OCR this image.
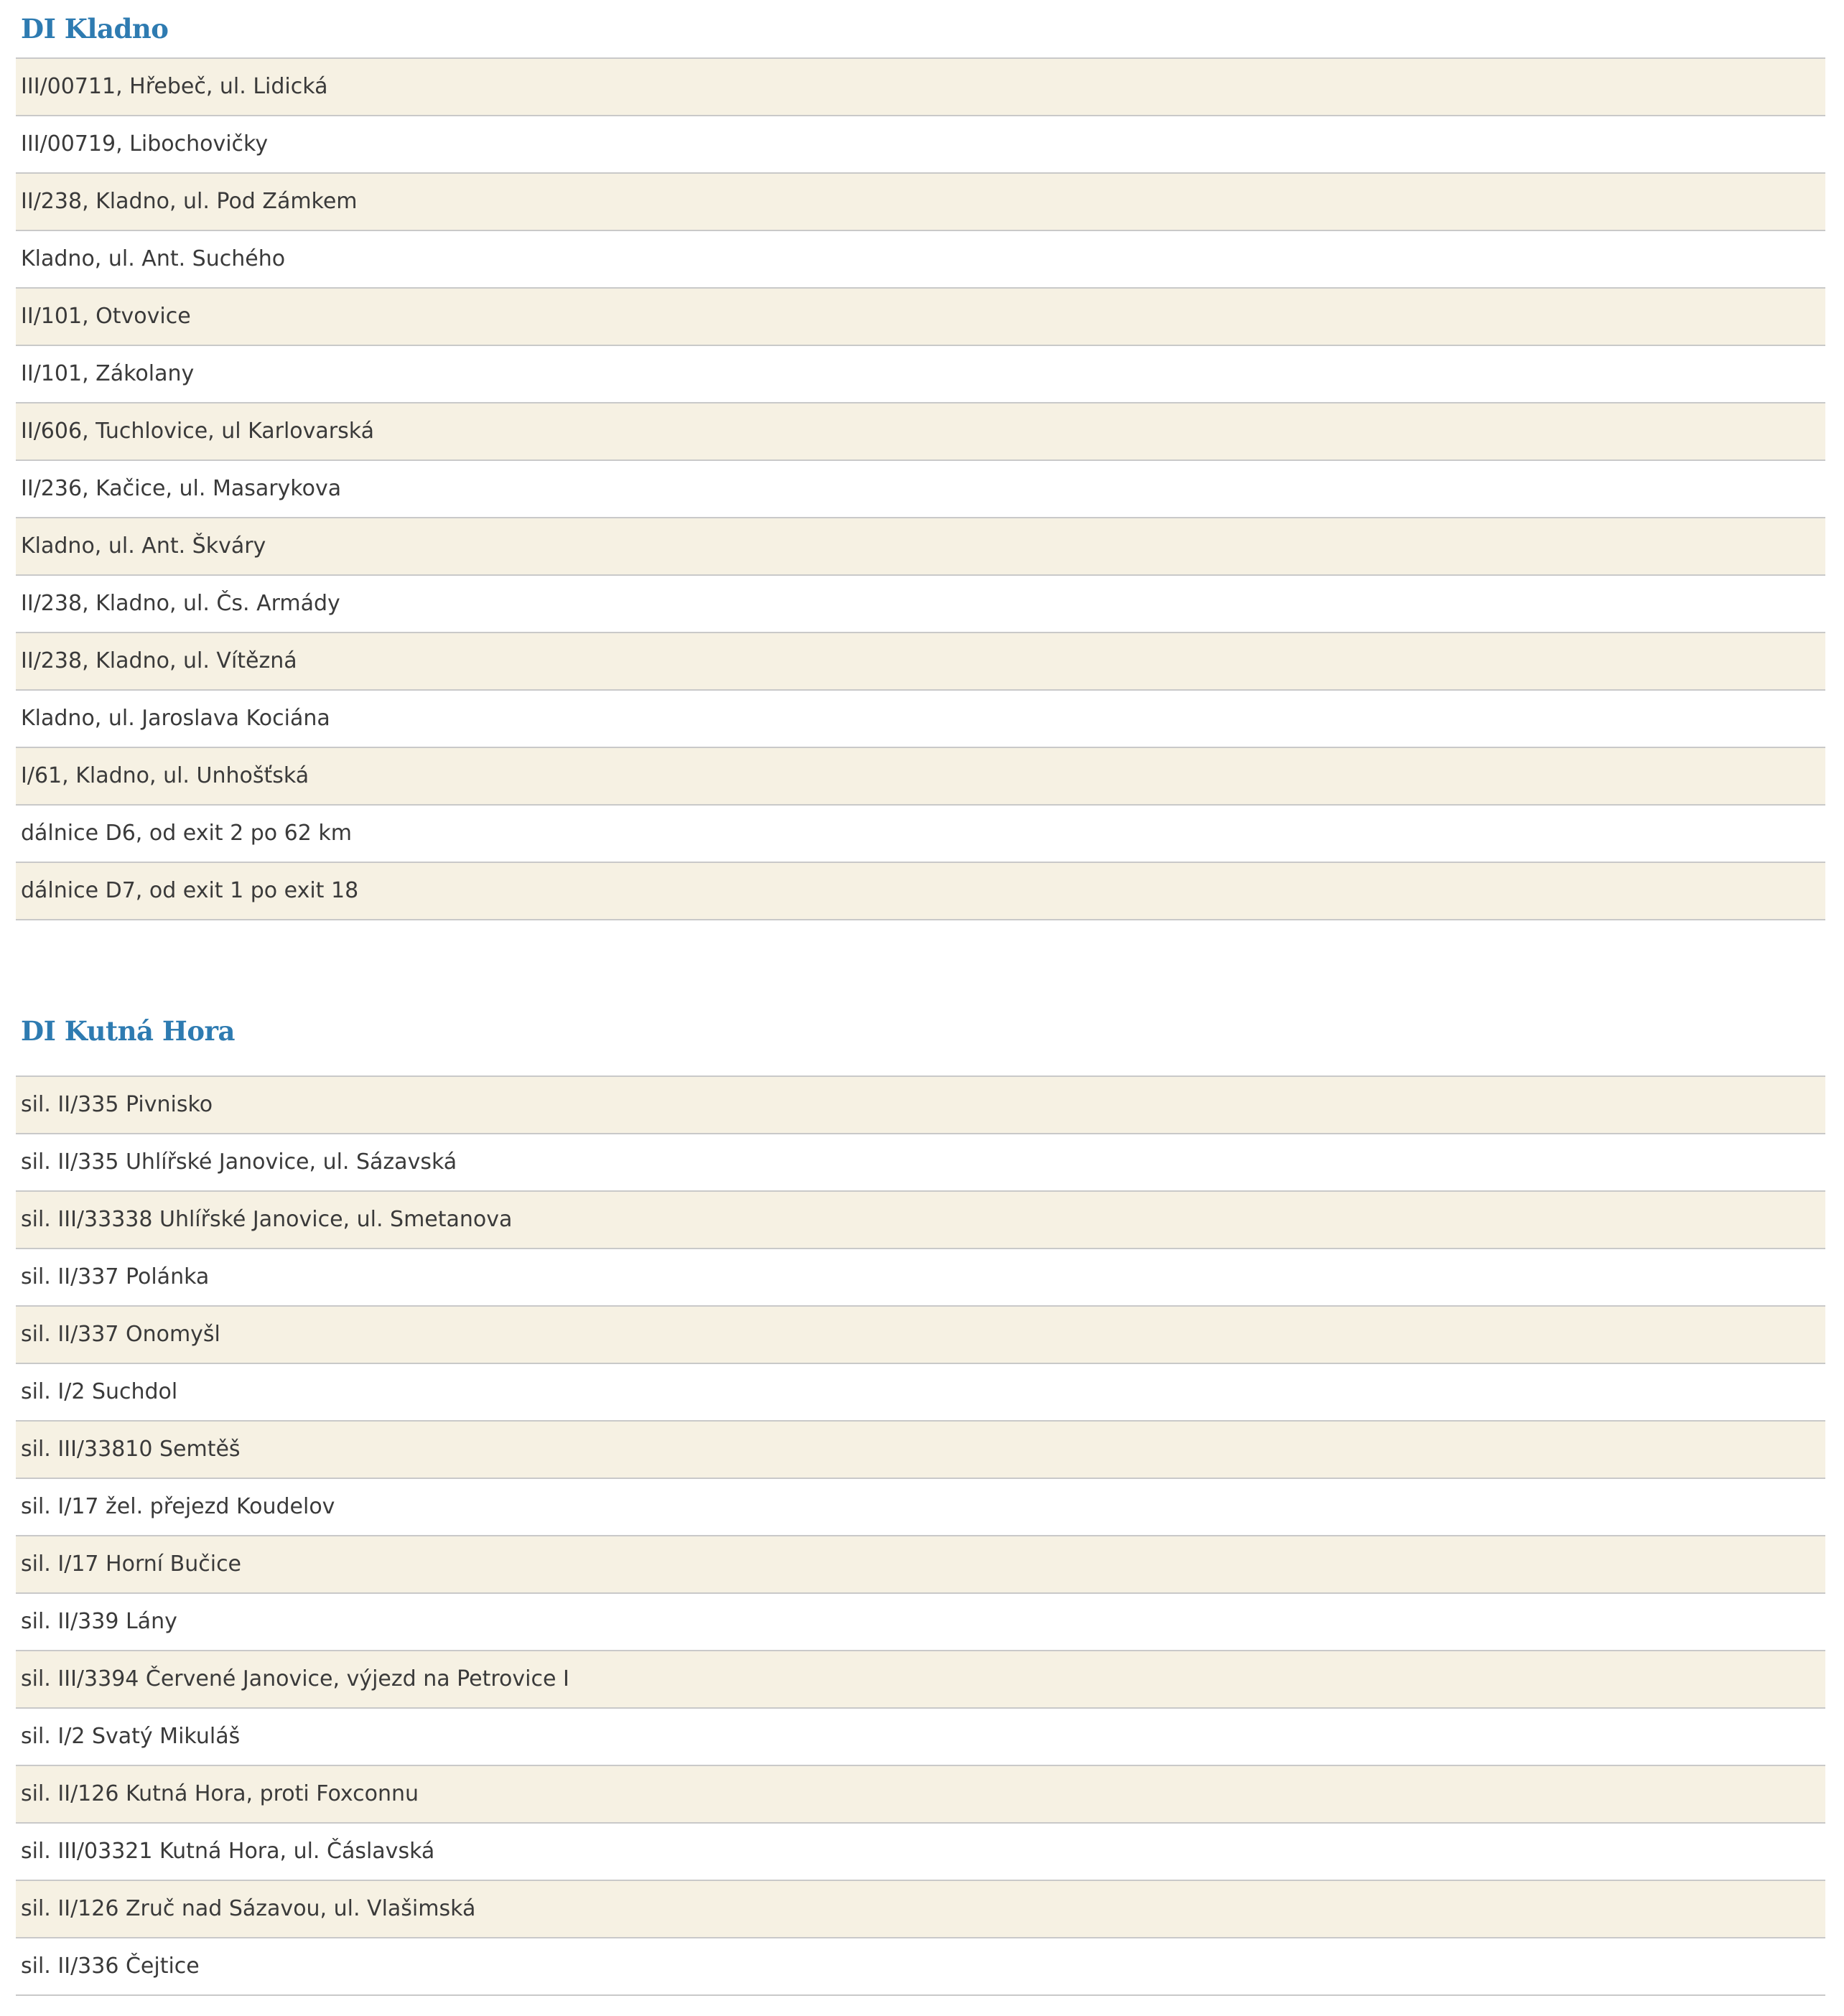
DI Kladno
III/00711, Hřebeč, ul. Lidická
III/00719, Libochovičky
II/238, Kladno, ul. Pod Zámkem
Kladno, ul. Ant. Suchého
II/101, Otvovice
II/101, Zákolany
II/606, Tuchlovice, ul Karlovarská
II/236, Kačice, ul. Masarykova
Kladno, ul. Ant. Škváry
II/238, Kladno, ul. Čs. Armády
II/238, Kladno, ul. Vítězná
Kladno, ul. Jaroslava Kociána
I/61, Kladno, ul. Unhošťská
dálnice D6, od exit 2 po 62 km
dálnice D7, od exit 1 po exit 18
DI Kutná Hora
sil. II/335 Pivnisko
sil. II/335 Uhlířské Janovice, ul. Sázavská
sil. III/33338 Uhlířské Janovice, ul. Smetanova
sil. II/337 Polánka
sil. II/337 Onomyšl
sil. I/2 Suchdol
sil. III/33810 Semtěš
sil. I/17 žel. přejezd Koudelov
sil. I/17 Horní Bučice
sil. II/339 Lány
sil. III/3394 Červené Janovice, výjezd na Petrovice I
sil. I/2 Svatý Mikuláš
sil. II/126 Kutná Hora, proti Foxconnu
sil. III/03321 Kutná Hora, ul. Čáslavská
sil. II/126 Zruč nad Sázavou, ul. Vlašimská
sil. II/336 Čejtice
